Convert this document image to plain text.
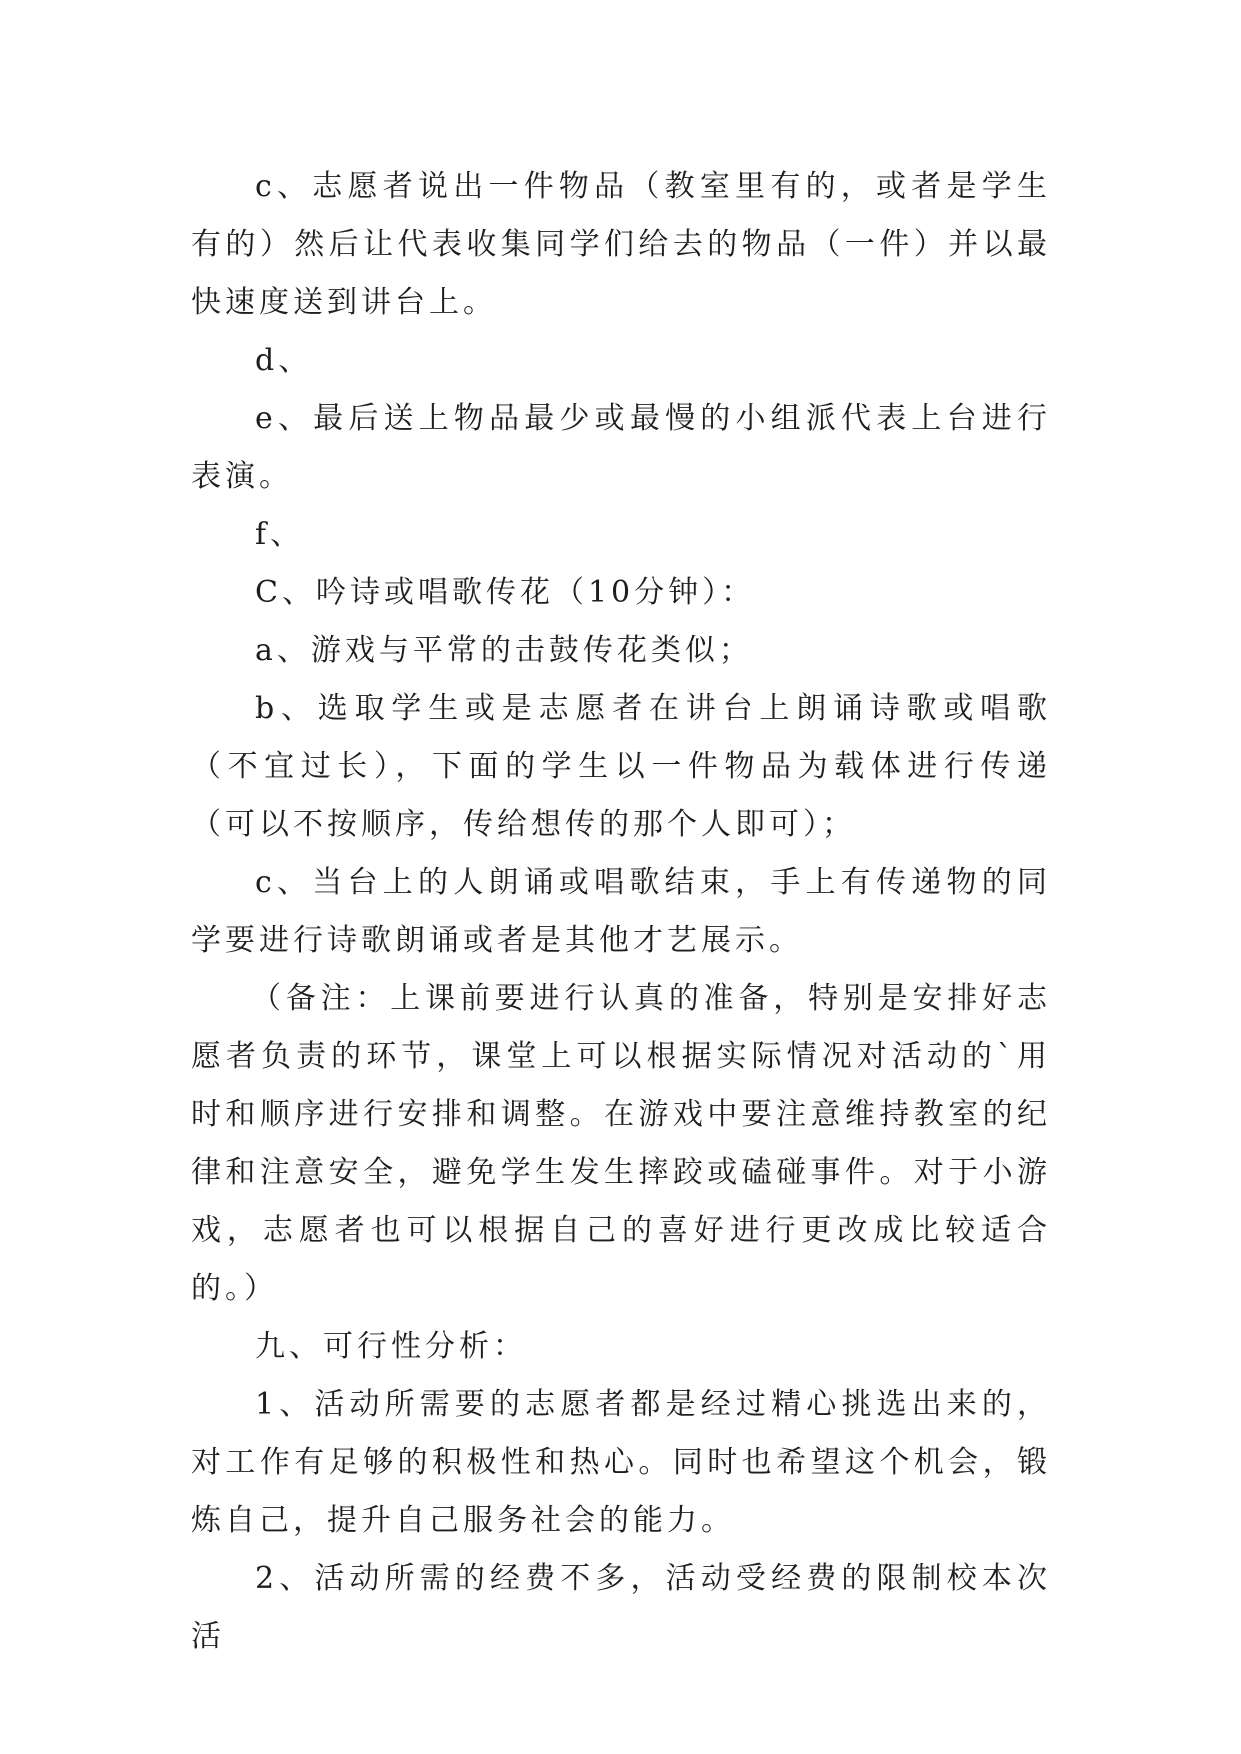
c、志愿者说出一件物品（教室里有的，或者是学生有的）然后让代表收集同学们给去的物品（一件）并以最快速度送到讲台上。

d、

e、最后送上物品最少或最慢的小组派代表上台进行表演。

f、

C、吟诗或唱歌传花（10分钟）：

a、游戏与平常的击鼓传花类似；

b、选取学生或是志愿者在讲台上朗诵诗歌或唱歌（不宜过长），下面的学生以一件物品为载体进行传递（可以不按顺序，传给想传的那个人即可）；

c、当台上的人朗诵或唱歌结束，手上有传递物的同学要进行诗歌朗诵或者是其他才艺展示。

（备注：上课前要进行认真的准备，特别是安排好志愿者负责的环节，课堂上可以根据实际情况对活动的`用时和顺序进行安排和调整。在游戏中要注意维持教室的纪律和注意安全，避免学生发生摔跤或磕碰事件。对于小游戏，志愿者也可以根据自己的喜好进行更改成比较适合的。）

九、可行性分析：

1、活动所需要的志愿者都是经过精心挑选出来的，对工作有足够的积极性和热心。同时也希望这个机会，锻炼自己，提升自己服务社会的能力。

2、活动所需的经费不多，活动受经费的限制校本次活
